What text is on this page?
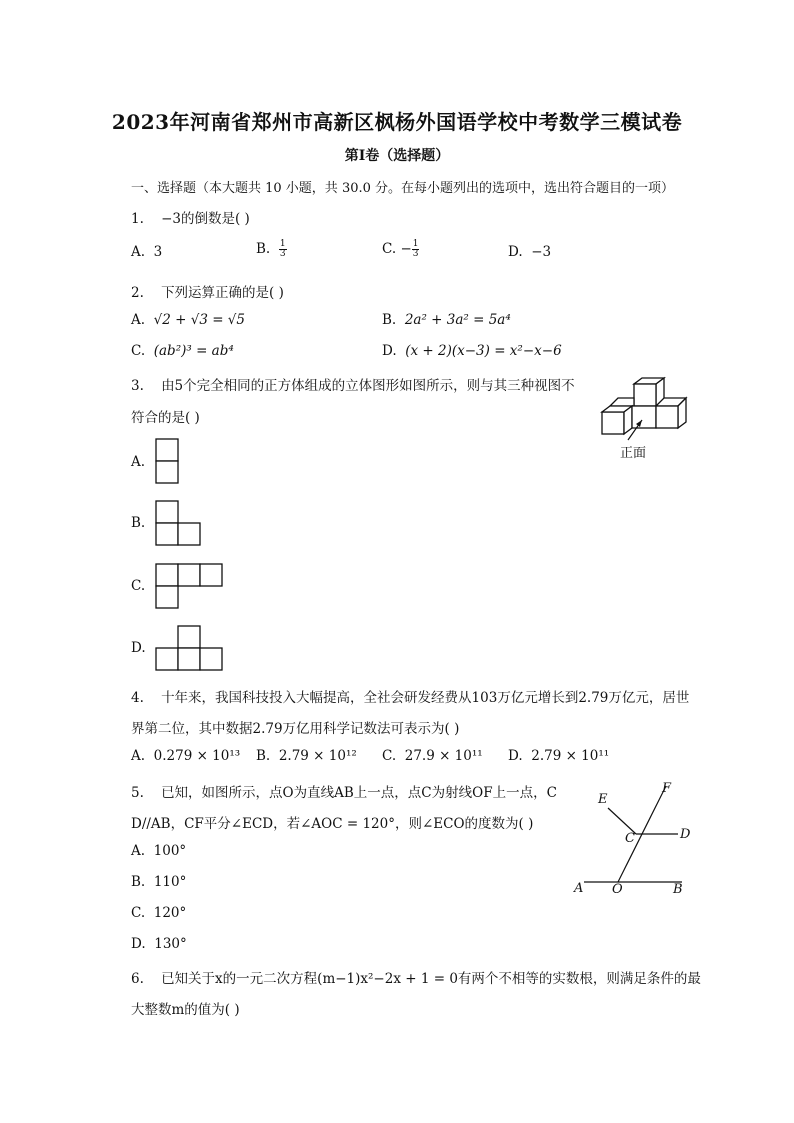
2023年河南省郑州市高新区枫杨外国语学校中考数学三模试卷
第Ⅰ卷（选择题）
一、选择题（本大题共 10 小题，共 30.0 分。在每小题列出的选项中，选出符合题目的一项）
1. −3的倒数是( )
A. 3	B. $\frac{1}{3}$	C. − $\frac{1}{3}$	D. −3
2. 下列运算正确的是( )
A. √2 + √3 = √5	B. 2a² + 3a² = 5a⁴
C. (ab²)³ = ab⁴	D. (x + 2)(x−3) = x²−x−6
3. 由5个完全相同的正方体组成的立体图形如图所示，则与其三种视图不
符合的是( )
正面
A.
B.
C.
D.
4. 十年来，我国科技投入大幅提高，全社会研发经费从103万亿元增长到2.79万亿元，居世
界第二位，其中数据2.79万亿用科学记数法可表示为( )
A. 0.279 × 10¹³ B. 2.79 × 10¹² C. 27.9 × 10¹¹ D. 2.79 × 10¹¹
5. 已知，如图所示，点O为直线AB上一点，点C为射线OF上一点，C
D//AB，CF平分∠ECD，若∠AOC = 120°，则∠ECO的度数为( )
A. 100°
B. 110°
C. 120°
D. 130°
E
F
C	D
A O	B
6. 已知关于x的一元二次方程(m−1)x²−2x + 1 = 0有两个不相等的实数根，则满足条件的最
大整数m的值为( )
